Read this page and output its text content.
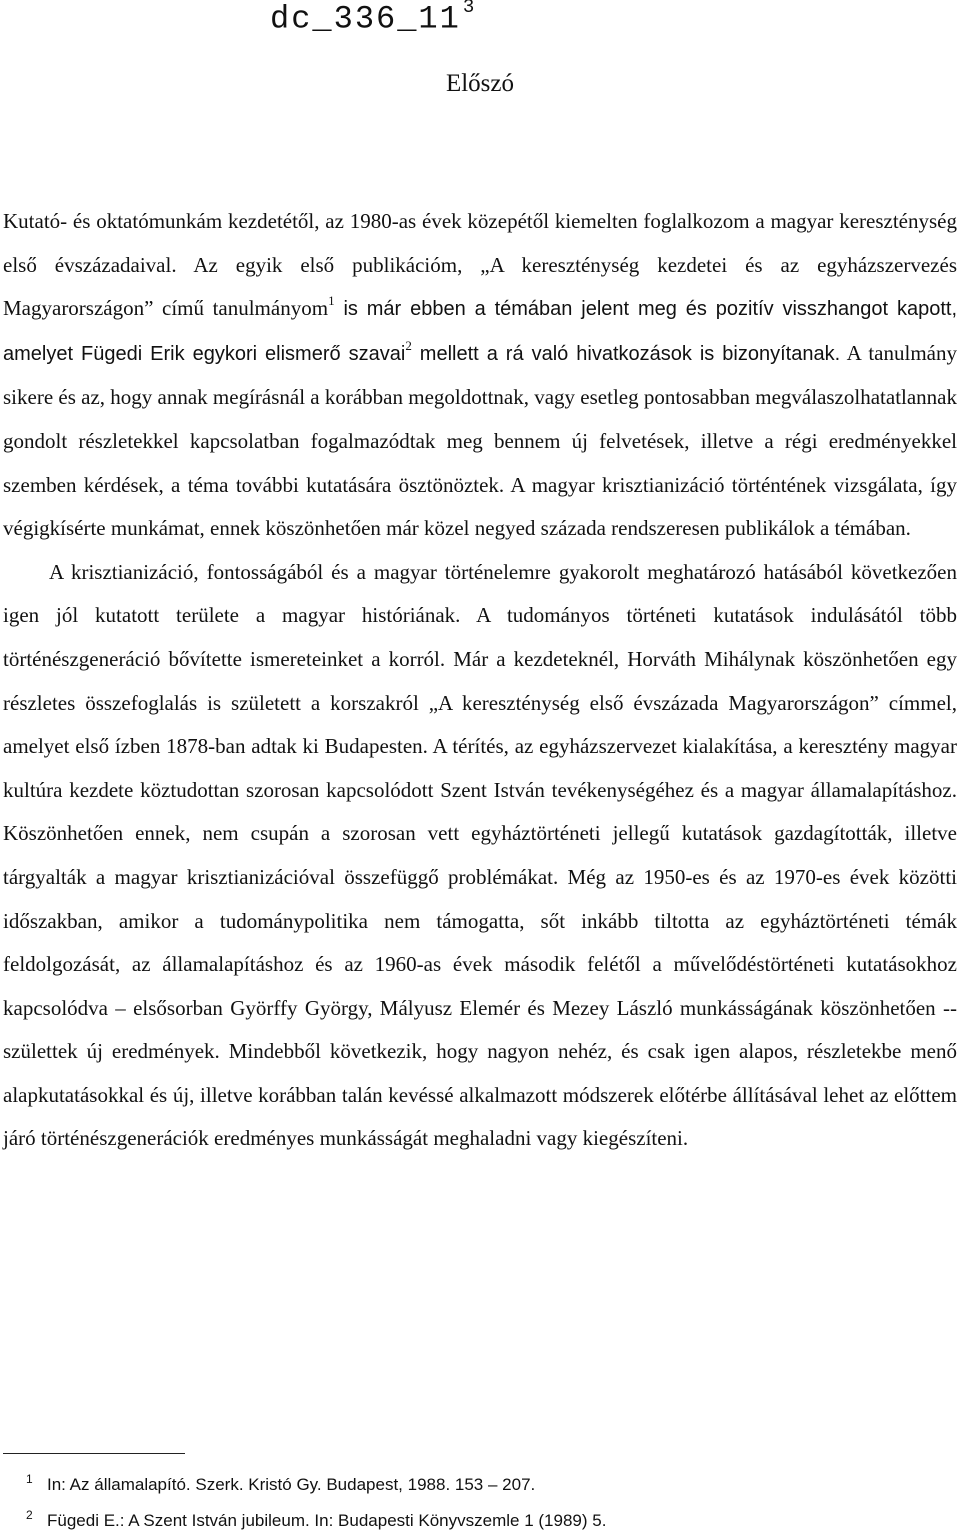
dc_336_11 $^3$
Előszó

Kutató- és oktatómunkám kezdetétől, az 1980-as évek közepétől kiemelten foglalkozom a magyar kereszténység első évszázadaival. Az egyik első publikációm, „A kereszténység kezdetei és az egyházszervezés Magyarországon” című tanulmányom$^1$ is már ebben a témában jelent meg és pozitív visszhangot kapott, amelyet Fügedi Erik egykori elismerő szavai$^2$ mellett a rá való hivatkozások is bizonyítanak. A tanulmány sikere és az, hogy annak megírásnál a korábban megoldottnak, vagy esetleg pontosabban megválaszolhatatlannak gondolt részletekkel kapcsolatban fogalmazódtak meg bennem új felvetések, illetve a régi eredményekkel szemben kérdések, a téma további kutatására ösztönöztek. A magyar krisztianizáció történtének vizsgálata, így végigkísérte munkámat, ennek köszönhetően már közel negyed százada rendszeresen publikálok a témában.

A krisztianizáció, fontosságából és a magyar történelemre gyakorolt meghatározó hatásából következően igen jól kutatott területe a magyar históriának. A tudományos történeti kutatások indulásától több történészgeneráció bővítette ismereteinket a korról. Már a kezdeteknél, Horváth Mihálynak köszönhetően egy részletes összefoglalás is született a korszakról „A kereszténység első évszázada Magyarországon” címmel, amelyet első ízben 1878-ban adtak ki Budapesten. A térítés, az egyházszervezet kialakítása, a keresztény magyar kultúra kezdete köztudottan szorosan kapcsolódott Szent István tevékenységéhez és a magyar államalapításhoz. Köszönhetően ennek, nem csupán a szorosan vett egyháztörténeti jellegű kutatások gazdagították, illetve tárgyalták a magyar krisztianizációval összefüggő problémákat. Még az 1950-es és az 1970-es évek közötti időszakban, amikor a tudománypolitika nem támogatta, sőt inkább tiltotta az egyháztörténeti témák feldolgozását, az államalapításhoz és az 1960-as évek második felétől a művelődéstörténeti kutatásokhoz kapcsolódva – elsősorban Györffy György, Mályusz Elemér és Mezey László munkásságának köszönhetően -- születtek új eredmények. Mindebből következik, hogy nagyon nehéz, és csak igen alapos, részletekbe menő alapkutatásokkal és új, illetve korábban talán kevéssé alkalmazott módszerek előtérbe állításával lehet az előttem járó történészgenerációk eredményes munkásságát meghaladni vagy kiegészíteni.

1 In: Az államalapító. Szerk. Kristó Gy. Budapest, 1988. 153 – 207.
2 Fügedi E.: A Szent István jubileum. In: Budapesti Könyvszemle 1 (1989) 5.
